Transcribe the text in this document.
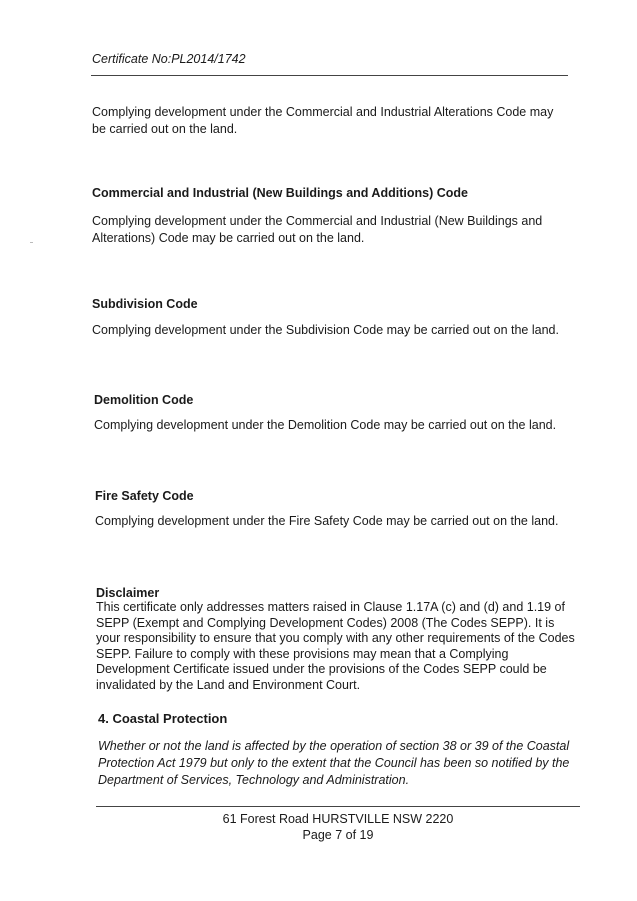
Certificate No:PL2014/1742
Complying development under the Commercial and Industrial Alterations Code may be carried out on the land.
Commercial and Industrial (New Buildings and Additions) Code
Complying development under the Commercial and Industrial (New Buildings and Alterations) Code may be carried out on the land.
Subdivision Code
Complying development under the Subdivision Code may be carried out on the land.
Demolition Code
Complying development under the Demolition Code may be carried out on the land.
Fire Safety Code
Complying development under the Fire Safety Code may be carried out on the land.
Disclaimer
This certificate only addresses matters raised in Clause 1.17A (c) and (d) and 1.19 of SEPP (Exempt and Complying Development Codes) 2008 (The Codes SEPP). It is your responsibility to ensure that you comply with any other requirements of the Codes SEPP. Failure to comply with these provisions may mean that a Complying Development Certificate issued under the provisions of the Codes SEPP could be invalidated by the Land and Environment Court.
4. Coastal Protection
Whether or not the land is affected by the operation of section 38 or 39 of the Coastal Protection Act 1979 but only to the extent that the Council has been so notified by the Department of Services, Technology and Administration.
61 Forest Road HURSTVILLE NSW 2220
Page 7 of 19
